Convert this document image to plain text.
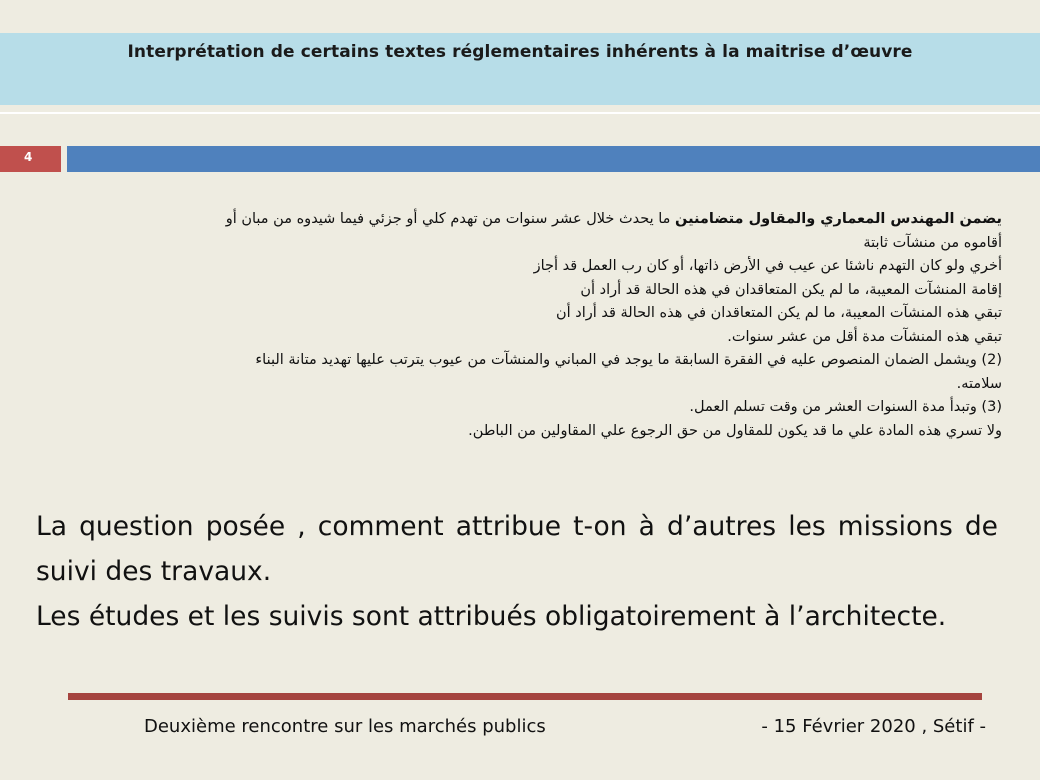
Interprétation de certains textes réglementaires inhérents à la maitrise d’œuvre
4

يضمن المهندس المعماري والمقاول متضامنين ما يحدث خلال عشر سنوات من تهدم كلي أو جزئي فيما شيدوه من مبان أو

أقاموه من منشآت ثابتة

أخري ولو كان التهدم ناشئا عن عيب في الأرض ذاتها، أو كان رب العمل قد أجاز

إقامة المنشآت المعيبة، ما لم يكن المتعاقدان في هذه الحالة قد أراد أن

تبقي هذه المنشآت المعيبة، ما لم يكن المتعاقدان في هذه الحالة قد أراد أن

تبقي هذه المنشآت مدة أقل من عشر سنوات.

(2) ويشمل الضمان المنصوص عليه في الفقرة السابقة ما يوجد في المباني والمنشآت من عيوب يترتب عليها تهديد متانة البناء

سلامته.

(3) وتبدأ مدة السنوات العشر من وقت تسلم العمل.

ولا تسري هذه المادة علي ما قد يكون للمقاول من حق الرجوع علي المقاولين من الباطن.

La question posée , comment attribue t-on à d’autres les missions de suivi des travaux.

Les études et les suivis sont attribués obligatoirement à l’architecte.

Deuxième rencontre sur les marchés publics	- 15 Février 2020 , Sétif -
